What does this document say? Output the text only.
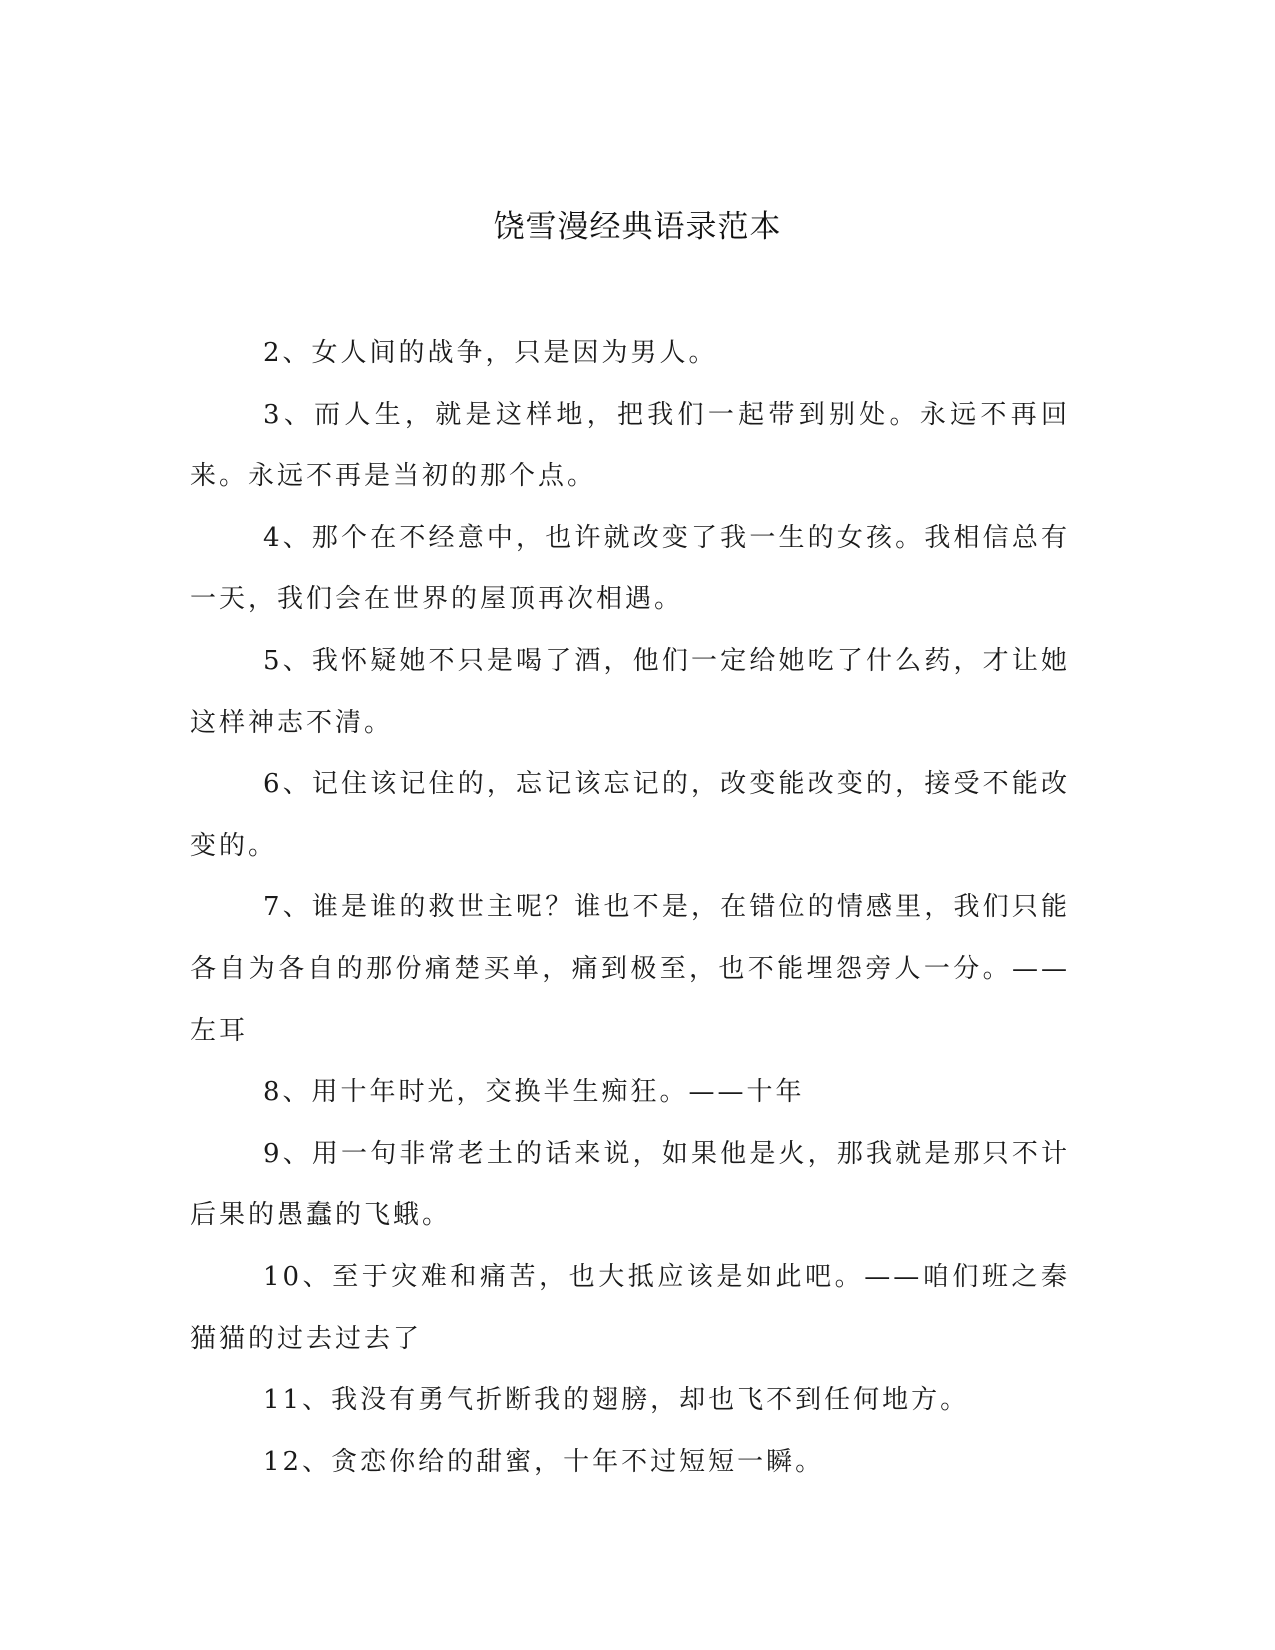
饶雪漫经典语录范本

2、女人间的战争，只是因为男人。

3、而人生，就是这样地，把我们一起带到别处。永远不再回来。永远不再是当初的那个点。

4、那个在不经意中，也许就改变了我一生的女孩。我相信总有一天，我们会在世界的屋顶再次相遇。

5、我怀疑她不只是喝了酒，他们一定给她吃了什么药，才让她这样神志不清。

6、记住该记住的，忘记该忘记的，改变能改变的，接受不能改变的。

7、谁是谁的救世主呢？谁也不是，在错位的情感里，我们只能各自为各自的那份痛楚买单，痛到极至，也不能埋怨旁人一分。——左耳

8、用十年时光，交换半生痴狂。——十年

9、用一句非常老土的话来说，如果他是火，那我就是那只不计后果的愚蠢的飞蛾。

10、至于灾难和痛苦，也大抵应该是如此吧。——咱们班之秦猫猫的过去过去了

11、我没有勇气折断我的翅膀，却也飞不到任何地方。

12、贪恋你给的甜蜜，十年不过短短一瞬。
